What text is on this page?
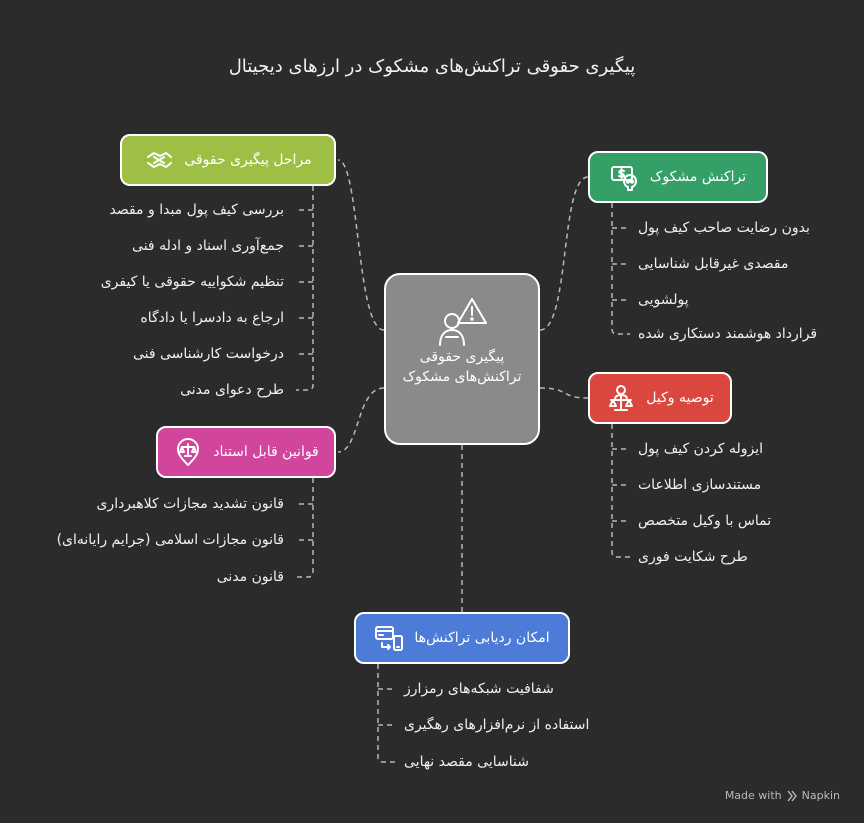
پیگیری حقوقی تراکنش‌های مشکوک در ارزهای دیجیتال
پیگیری حقوقی تراکنش‌های مشکوک
مراحل پیگیری حقوقی
بررسی کیف پول مبدا و مقصد
جمع‌آوری اسناد و ادله فنی
تنظیم شکواییه حقوقی یا کیفری
ارجاع به دادسرا یا دادگاه
درخواست کارشناسی فنی
طرح دعوای مدنی
قوانین قابل استناد
قانون تشدید مجازات کلاهبرداری
قانون مجازات اسلامی (جرایم رایانه‌ای)
قانون مدنی
تراکنش مشکوک
بدون رضایت صاحب کیف پول
مقصدی غیرقابل شناسایی
پولشویی
قرارداد هوشمند دستکاری شده
توصیه وکیل
ایزوله کردن کیف پول
مستندسازی اطلاعات
تماس با وکیل متخصص
طرح شکایت فوری
امکان ردیابی تراکنش‌ها
شفافیت شبکه‌های رمزارز
استفاده از نرم‌افزارهای رهگیری
شناسایی مقصد نهایی
Made with Napkin
